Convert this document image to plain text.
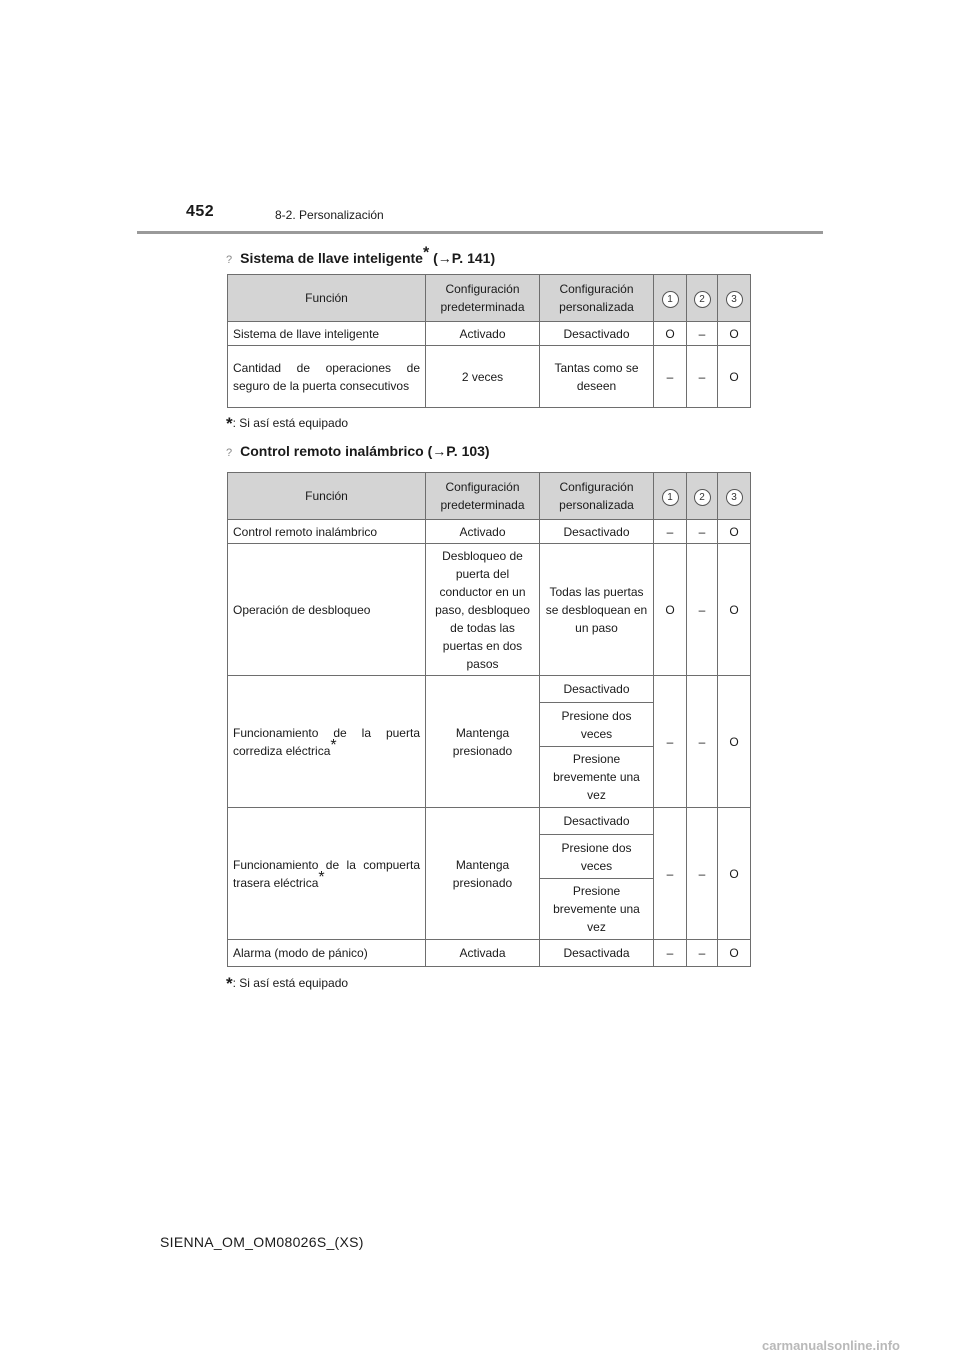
452	8-2. Personalización
? Sistema de llave inteligente* (→P. 141)
Función	Configuración predeterminada	Configuración personalizada	1	2	3
Sistema de llave inteligente	Activado	Desactivado	O	–	O
Cantidad de operaciones de seguro de la puerta consecutivos	2 veces	Tantas como se deseen	–	–	O
*: Si así está equipado
? Control remoto inalámbrico (→P. 103)
Función	Configuración predeterminada	Configuración personalizada	1	2	3
Control remoto inalámbrico	Activado	Desactivado	–	–	O
Operación de desbloqueo	Desbloqueo de puerta del conductor en un paso, desbloqueo de todas las puertas en dos pasos	Todas las puertas se desbloquean en un paso	O	–	O
Funcionamiento de la puerta corrediza eléctrica*	Mantenga presionado	Desactivado	–	–	O
		Presione dos veces			
		Presione brevemente una vez			
Funcionamiento de la compuerta trasera eléctrica*	Mantenga presionado	Desactivado	–	–	O
		Presione dos veces			
		Presione brevemente una vez			
Alarma (modo de pánico)	Activada	Desactivada	–	–	O
*: Si así está equipado
SIENNA_OM_OM08026S_(XS)
carmanualsonline.info
